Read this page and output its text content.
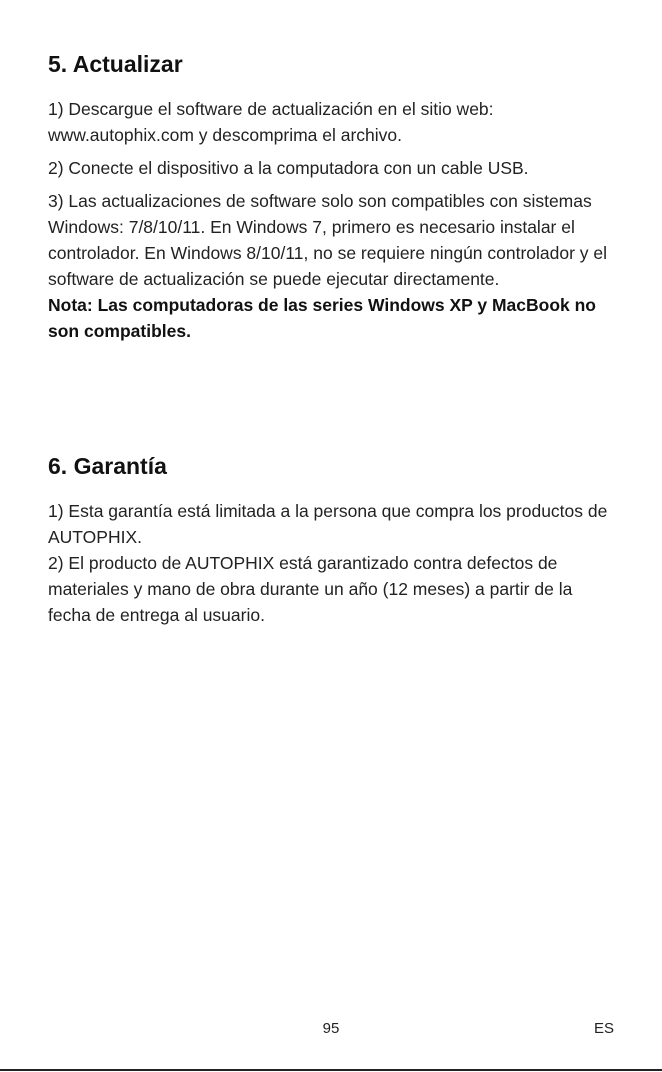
5. Actualizar

1) Descargue el software de actualización en el sitio web: www.autophix.com y descomprima el archivo.

2) Conecte el dispositivo a la computadora con un cable USB.

3) Las actualizaciones de software solo son compatibles con sistemas Windows: 7/8/10/11. En Windows 7, primero es necesario instalar el controlador. En Windows 8/10/11, no se requiere ningún controlador y el software de actualización se puede ejecutar directamente.

Nota: Las computadoras de las series Windows XP y MacBook no son compatibles.

6. Garantía

1) Esta garantía está limitada a la persona que compra los productos de AUTOPHIX.

2) El producto de AUTOPHIX está garantizado contra defectos de materiales y mano de obra durante un año (12 meses) a partir de la fecha de entrega al usuario.

95	ES
